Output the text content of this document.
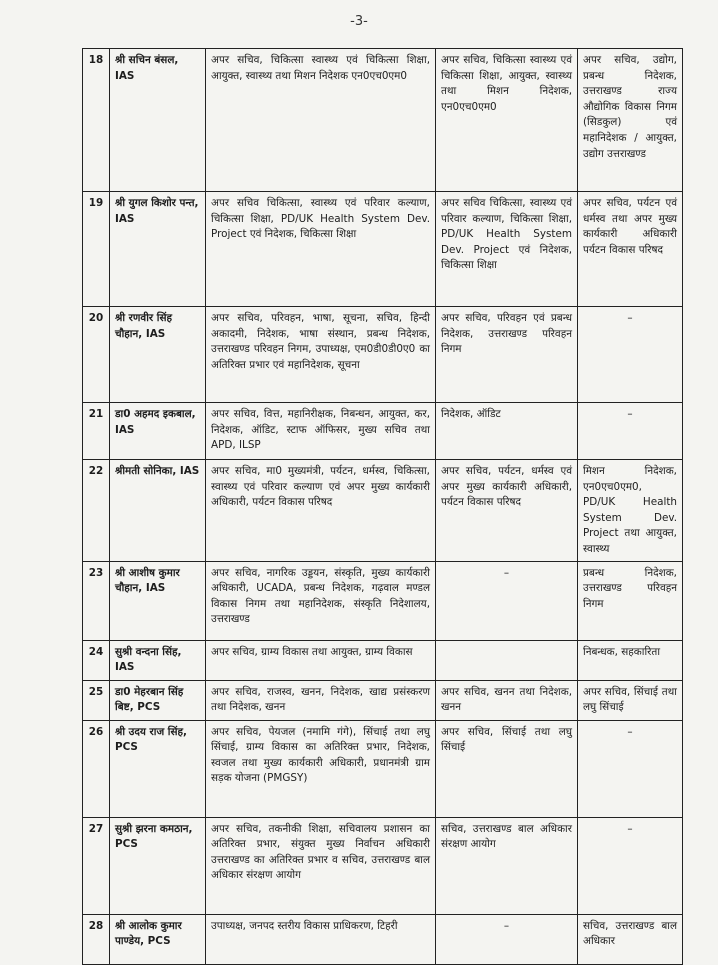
-3-
18	श्री सचिन बंसल, IAS	अपर सचिव, चिकित्सा स्वास्थ्य एवं चिकित्सा शिक्षा, आयुक्त, स्वास्थ्य तथा मिशन निदेशक एन0एच0एम0	अपर सचिव, चिकित्सा स्वास्थ्य एवं चिकित्सा शिक्षा, आयुक्त, स्वास्थ्य तथा मिशन निदेशक, एन0एच0एम0	अपर सचिव, उद्योग, प्रबन्ध निदेशक, उत्तराखण्ड राज्य औद्योगिक विकास निगम (सिडकुल) एवं महानिदेशक / आयुक्त, उद्योग उत्तराखण्ड
19	श्री युगल किशोर पन्त, IAS	अपर सचिव चिकित्सा, स्वास्थ्य एवं परिवार कल्याण, चिकित्सा शिक्षा, PD/UK Health System Dev. Project एवं निदेशक, चिकित्सा शिक्षा	अपर सचिव चिकित्सा, स्वास्थ्य एवं परिवार कल्याण, चिकित्सा शिक्षा, PD/UK Health System Dev. Project एवं निदेशक, चिकित्सा शिक्षा	अपर सचिव, पर्यटन एवं धर्मस्व तथा अपर मुख्य कार्यकारी अधिकारी पर्यटन विकास परिषद
20	श्री रणवीर सिंह चौहान, IAS	अपर सचिव, परिवहन, भाषा, सूचना, सचिव, हिन्दी अकादमी, निदेशक, भाषा संस्थान, प्रबन्ध निदेशक, उत्तराखण्ड परिवहन निगम, उपाध्यक्ष, एम0डी0डी0ए0 का अतिरिक्त प्रभार एवं महानिदेशक, सूचना	अपर सचिव, परिवहन एवं प्रबन्ध निदेशक, उत्तराखण्ड परिवहन निगम	–
21	डा0 अहमद इकबाल, IAS	अपर सचिव, वित्त, महानिरीक्षक, निबन्धन, आयुक्त, कर, निदेशक, ऑडिट, स्टाफ ऑफिसर, मुख्य सचिव तथा APD, ILSP	निदेशक, ऑडिट	–
22	श्रीमती सोनिका, IAS	अपर सचिव, मा0 मुख्यमंत्री, पर्यटन, धर्मस्व, चिकित्सा, स्वास्थ्य एवं परिवार कल्याण एवं अपर मुख्य कार्यकारी अधिकारी, पर्यटन विकास परिषद	अपर सचिव, पर्यटन, धर्मस्व एवं अपर मुख्य कार्यकारी अधिकारी, पर्यटन विकास परिषद	मिशन निदेशक, एन0एच0एम0, PD/UK Health System Dev. Project तथा आयुक्त, स्वास्थ्य
23	श्री आशीष कुमार चौहान, IAS	अपर सचिव, नागरिक उड्डयन, संस्कृति, मुख्य कार्यकारी अधिकारी, UCADA, प्रबन्ध निदेशक, गढ़वाल मण्डल विकास निगम तथा महानिदेशक, संस्कृति निदेशालय, उत्तराखण्ड	–	प्रबन्ध निदेशक, उत्तराखण्ड परिवहन निगम
24	सुश्री वन्दना सिंह, IAS	अपर सचिव, ग्राम्य विकास तथा आयुक्त, ग्राम्य विकास		निबन्धक, सहकारिता
25	डा0 मेहरबान सिंह बिष्ट, PCS	अपर सचिव, राजस्व, खनन, निदेशक, खाद्य प्रसंस्करण तथा निदेशक, खनन	अपर सचिव, खनन तथा निदेशक, खनन	अपर सचिव, सिंचाई तथा लघु सिंचाई
26	श्री उदय राज सिंह, PCS	अपर सचिव, पेयजल (नमामि गंगे), सिंचाई तथा लघु सिंचाई, ग्राम्य विकास का अतिरिक्त प्रभार, निदेशक, स्वजल तथा मुख्य कार्यकारी अधिकारी, प्रधानमंत्री ग्राम सड़क योजना (PMGSY)	अपर सचिव, सिंचाई तथा लघु सिंचाई	–
27	सुश्री झरना कमठान, PCS	अपर सचिव, तकनीकी शिक्षा, सचिवालय प्रशासन का अतिरिक्त प्रभार, संयुक्त मुख्य निर्वाचन अधिकारी उत्तराखण्ड का अतिरिक्त प्रभार व सचिव, उत्तराखण्ड बाल अधिकार संरक्षण आयोग	सचिव, उत्तराखण्ड बाल अधिकार संरक्षण आयोग	–
28	श्री आलोक कुमार पाण्डेय, PCS	उपाध्यक्ष, जनपद स्तरीय विकास प्राधिकरण, टिहरी	–	सचिव, उत्तराखण्ड बाल अधिकार
